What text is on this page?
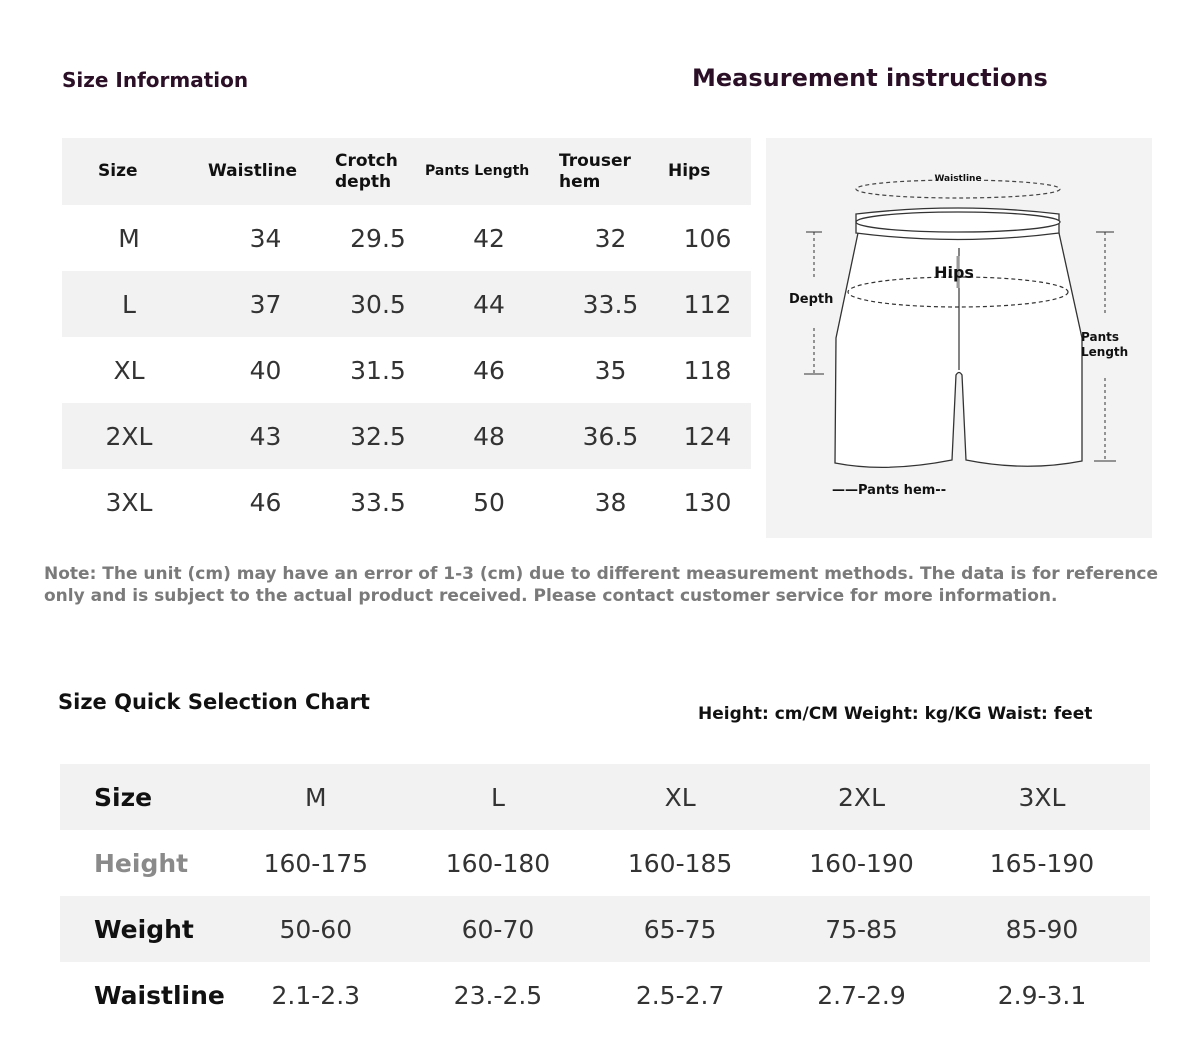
Size Information	Measurement instructions
Size	Waistline	Crotch depth	Pants Length	Trouser hem	Hips
M	34	29.5	42	32	106
L	37	30.5	44	33.5	112
XL	40	31.5	46	35	118
2XL	43	32.5	48	36.5	124
3XL	46	33.5	50	38	130
Waistline
Hips
Depth
Pants
Length
——Pants hem--
Note: The unit (cm) may have an error of 1-3 (cm) due to different measurement methods. The data is for reference only and is subject to the actual product received. Please contact customer service for more information.
Size Quick Selection Chart	Height: cm/CM Weight: kg/KG Waist: feet
Size	M	L	XL	2XL	3XL
Height	160-175	160-180	160-185	160-190	165-190
Weight	50-60	60-70	65-75	75-85	85-90
Waistline	2.1-2.3	23.-2.5	2.5-2.7	2.7-2.9	2.9-3.1
